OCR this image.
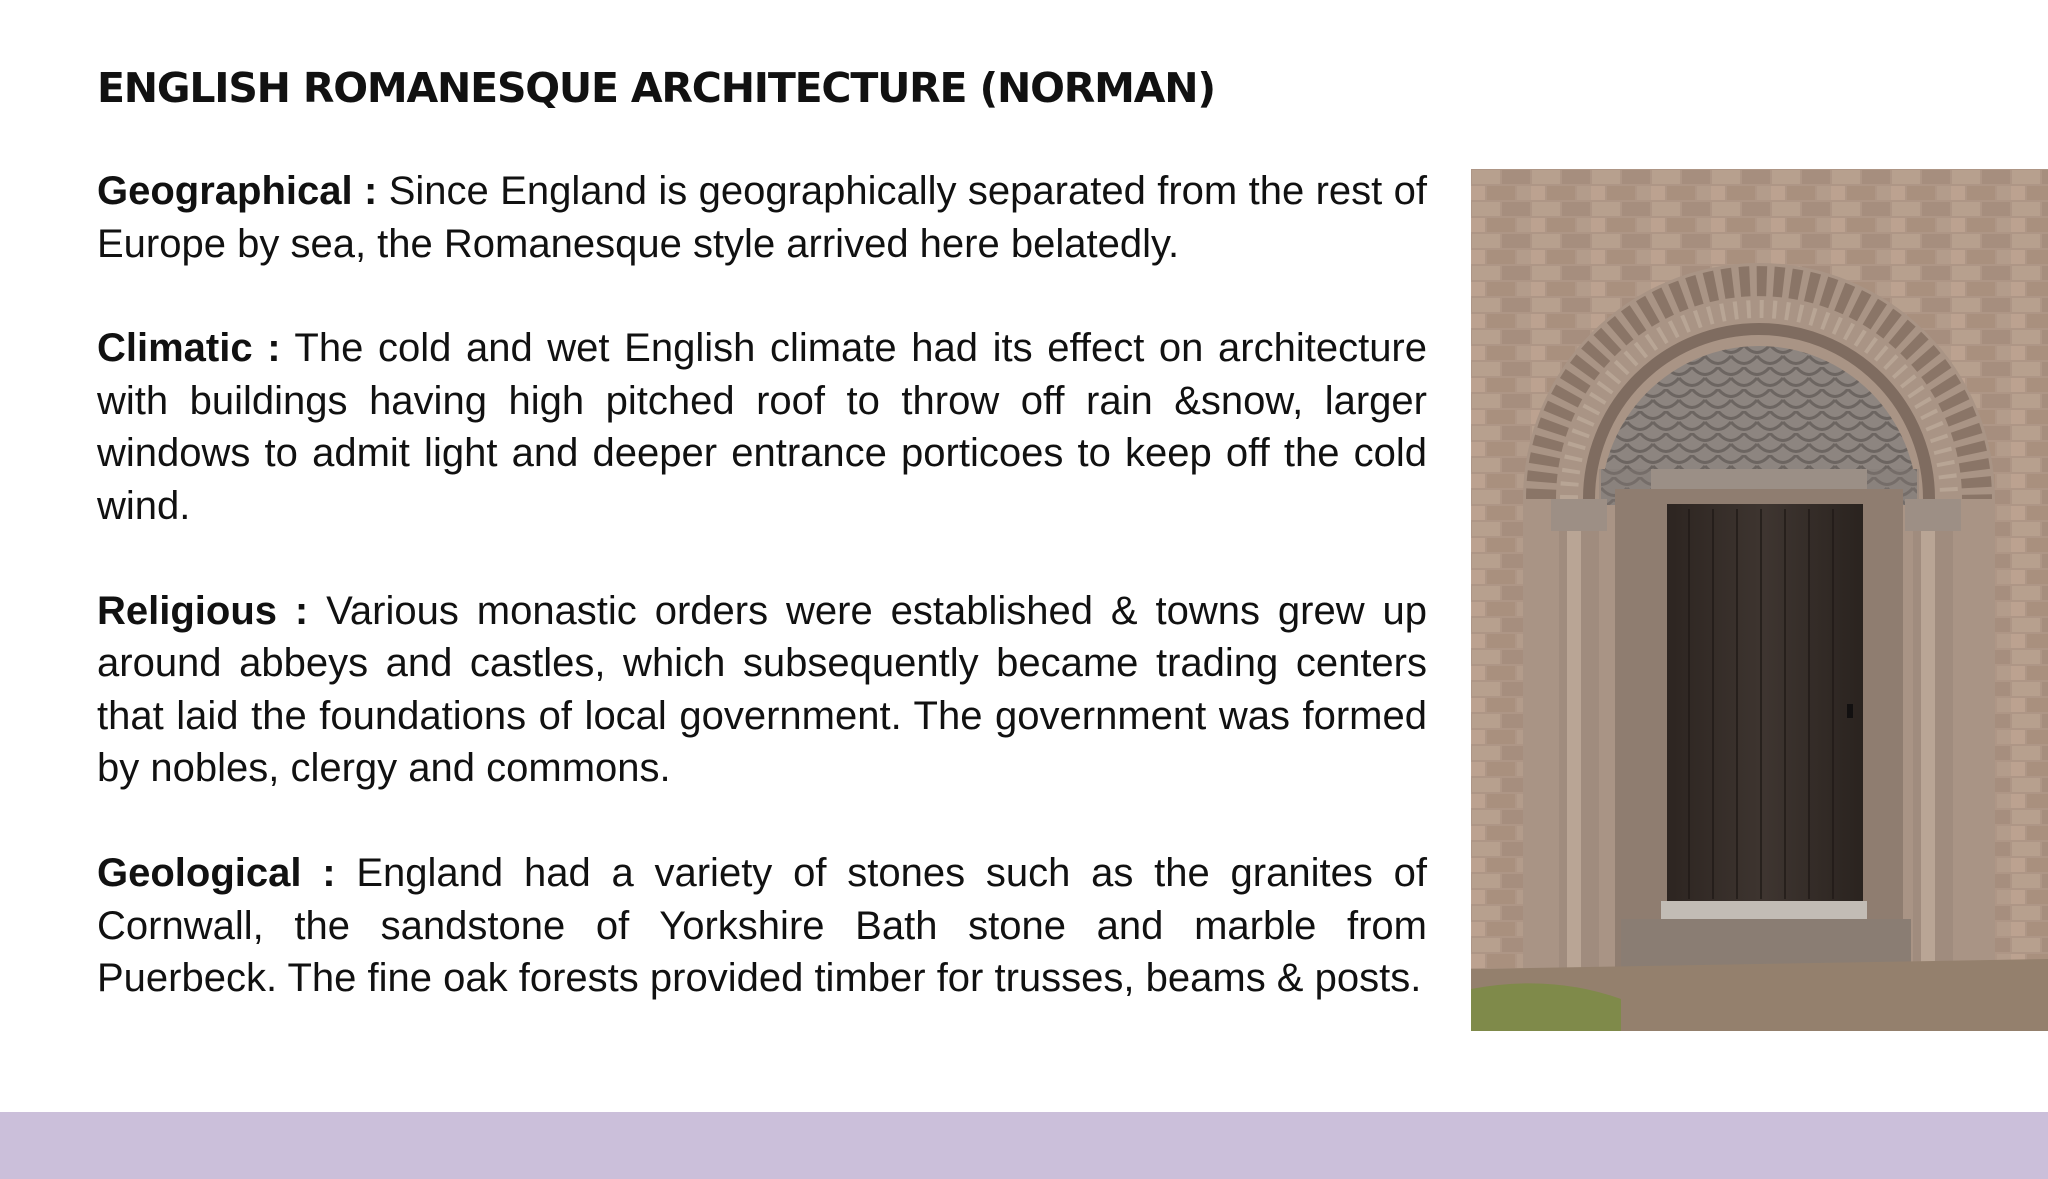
ENGLISH ROMANESQUE ARCHITECTURE (NORMAN)

Geographical : Since England is geographically separated from the rest of Europe by sea, the Romanesque style arrived here belatedly.

Climatic : The cold and wet English climate had its effect on architecture with buildings having high pitched roof to throw off rain &snow, larger windows to admit light and deeper entrance porticoes to keep off the cold wind.

Religious : Various monastic orders were established & towns grew up around abbeys and castles, which subsequently became trading centers that laid the foundations of local government. The government was formed by nobles, clergy and commons.

Geological : England had a variety of stones such as the granites of Cornwall, the sandstone of Yorkshire Bath stone and marble from Puerbeck. The fine oak forests provided timber for trusses, beams & posts.
